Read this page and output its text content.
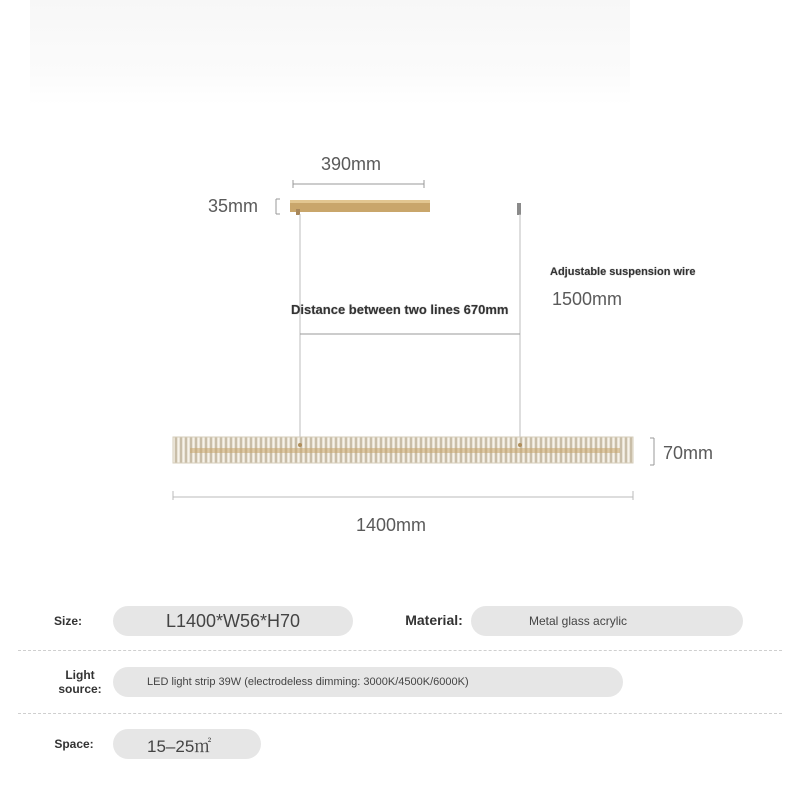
390mm
35mm
Adjustable suspension wire
1500mm
Distance between two lines 670mm
70mm
1400mm
Size:	L1400*W56*H70	Material:	Metal glass acrylic
Light
source:	LED light strip 39W (electrodeless dimming: 3000K/4500K/6000K)
Space:	15–25㎡
